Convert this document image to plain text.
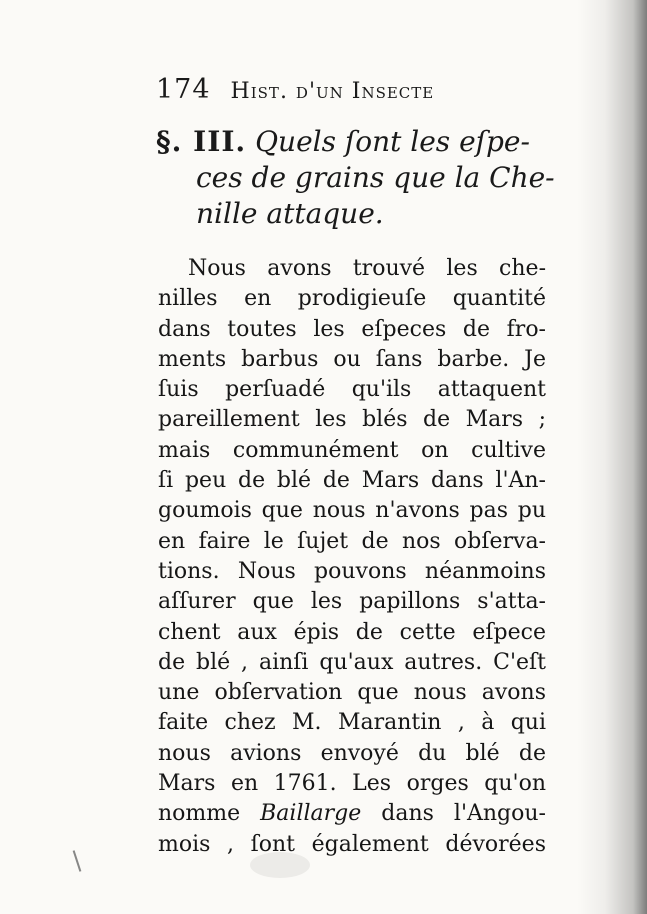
174 Hist. d'un Insecte
§. III. Quels ſont les eſpe-
ces de grains que la Che-
nille attaque.
Nous avons trouvé les che-
nilles en prodigieuſe quantité
dans toutes les eſpeces de fro-
ments barbus ou ſans barbe. Je
ſuis perſuadé qu'ils attaquent
pareillement les blés de Mars ;
mais communément on cultive
ſi peu de blé de Mars dans l'An-
goumois que nous n'avons pas pu
en faire le ſujet de nos obſerva-
tions. Nous pouvons néanmoins
aſſurer que les papillons s'atta-
chent aux épis de cette eſpece
de blé , ainſi qu'aux autres. C'eſt
une obſervation que nous avons
faite chez M. Marantin , à qui
nous avions envoyé du blé de
Mars en 1761. Les orges qu'on
nomme Baillarge dans l'Angou-
mois , ſont également dévorées
